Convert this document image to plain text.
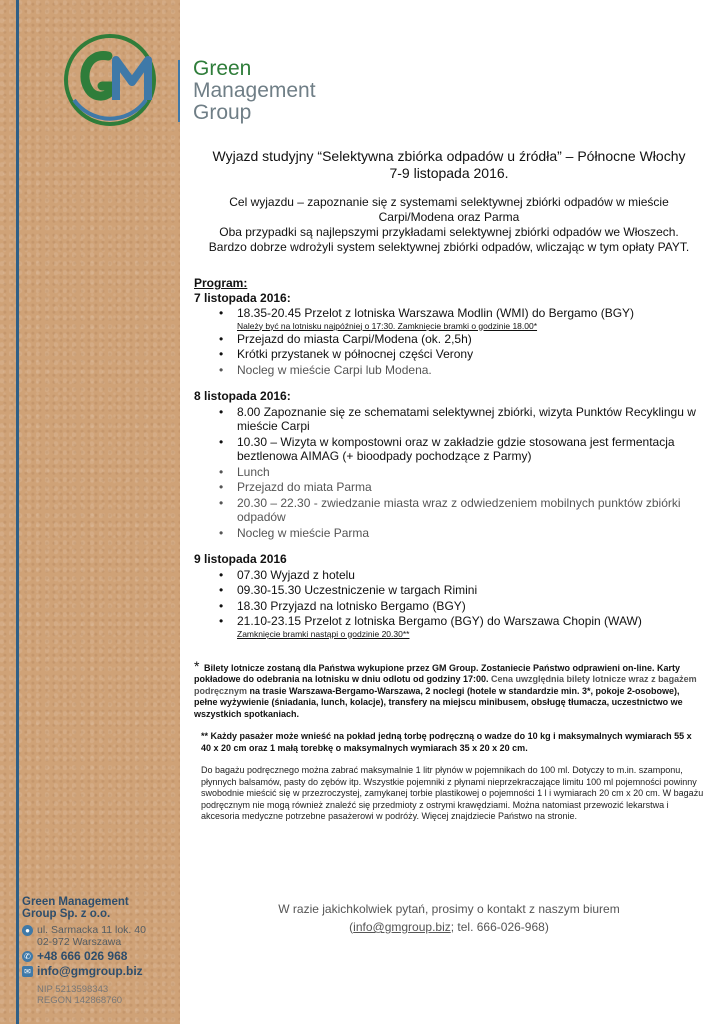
Green Management
Group Sp. z o.o.
● ul. Sarmacka 11 lok. 40
02-972 Warszawa
✆ +48 666 026 968
✉ info@gmgroup.biz
NIP 5213598343
REGON 142868760
Green
Management
Group
Wyjazd studyjny “Selektywna zbiórka odpadów u źródła” – Północne Włochy
7-9 listopada 2016.
Cel wyjazdu – zapoznanie się z systemami selektywnej zbiórki odpadów w mieście
Carpi/Modena oraz Parma
Oba przypadki są najlepszymi przykładami selektywnej zbiórki odpadów we Włoszech.
Bardzo dobrze wdrożyli system selektywnej zbiórki odpadów, wliczając w tym opłaty PAYT.
Program:
7 listopada 2016:
• 18.35-20.45 Przelot z lotniska Warszawa Modlin (WMI) do Bergamo (BGY)
Należy być na lotnisku najpóźniej o 17:30. Zamknięcie bramki o godzinie 18.00*
• Przejazd do miasta Carpi/Modena (ok. 2,5h)
• Krótki przystanek w północnej części Verony
• Nocleg w mieście Carpi lub Modena.
8 listopada 2016:
• 8.00 Zapoznanie się ze schematami selektywnej zbiórki, wizyta Punktów Recyklingu w mieście Carpi
• 10.30 – Wizyta w kompostowni oraz w zakładzie gdzie stosowana jest fermentacja beztlenowa AIMAG (+ bioodpady pochodzące z Parmy)
• Lunch
• Przejazd do miata Parma
• 20.30 – 22.30 - zwiedzanie miasta wraz z odwiedzeniem mobilnych punktów zbiórki odpadów
• Nocleg w mieście Parma
9 listopada 2016
• 07.30 Wyjazd z hotelu
• 09.30-15.30 Uczestniczenie w targach Rimini
• 18.30 Przyjazd na lotnisko Bergamo (BGY)
• 21.10-23.15 Przelot z lotniska Bergamo (BGY) do Warszawa Chopin (WAW)
Zamknięcie bramki nastąpi o godzinie 20.30**
* Bilety lotnicze zostaną dla Państwa wykupione przez GM Group. Zostaniecie Państwo odprawieni on-line. Karty pokładowe do odebrania na lotnisku w dniu odlotu od godziny 17:00. Cena uwzględnia bilety lotnicze wraz z bagażem podręcznym na trasie Warszawa-Bergamo-Warszawa, 2 noclegi (hotele w standardzie min. 3*, pokoje 2-osobowe), pełne wyżywienie (śniadania, lunch, kolacje), transfery na miejscu minibusem, obsługę tłumacza, uczestnictwo we wszystkich spotkaniach.
** Każdy pasażer może wnieść na pokład jedną torbę podręczną o wadze do 10 kg i maksymalnych wymiarach 55 x 40 x 20 cm oraz 1 małą torebkę o maksymalnych wymiarach 35 x 20 x 20 cm.
Do bagażu podręcznego można zabrać maksymalnie 1 litr płynów w pojemnikach do 100 ml. Dotyczy to m.in. szamponu, płynnych balsamów, pasty do zębów itp. Wszystkie pojemniki z płynami nieprzekraczające limitu 100 ml pojemności powinny swobodnie mieścić się w przezroczystej, zamykanej torbie plastikowej o pojemności 1 l i wymiarach 20 cm x 20 cm. W bagażu podręcznym nie mogą również znaleźć się przedmioty z ostrymi krawędziami. Można natomiast przewozić lekarstwa i akcesoria medyczne potrzebne pasażerowi w podróży. Więcej znajdziecie Państwo na stronie.
W razie jakichkolwiek pytań, prosimy o kontakt z naszym biurem
(info@gmgroup.biz; tel. 666-026-968)
